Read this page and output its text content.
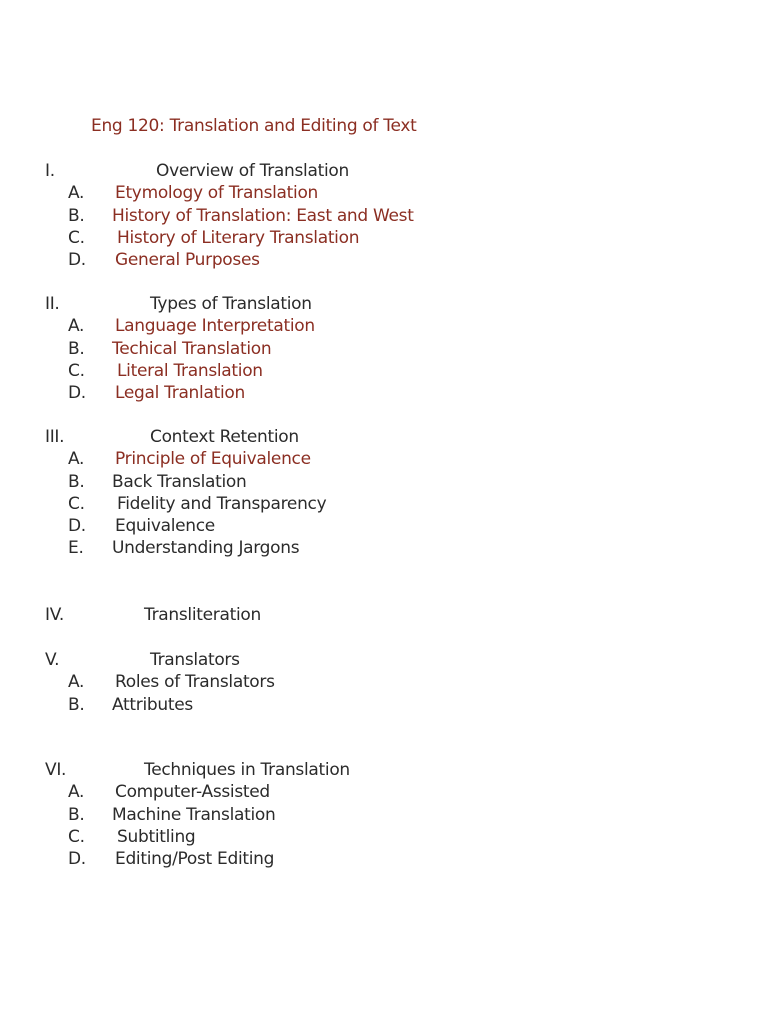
Eng 120: Translation and Editing of Text
I.	Overview of Translation
A. Etymology of Translation
B. History of Translation: East and West
C. History of Literary Translation
D. General Purposes
II.	Types of Translation
A. Language Interpretation
B. Techical Translation
C. Literal Translation
D. Legal Tranlation
III.	Context Retention
A. Principle of Equivalence
B. Back Translation
C. Fidelity and Transparency
D. Equivalence
E. Understanding Jargons
IV.	Transliteration
V.	Translators
A. Roles of Translators
B. Attributes
VI.	Techniques in Translation
A. Computer-Assisted
B. Machine Translation
C. Subtitling
D. Editing/Post Editing
